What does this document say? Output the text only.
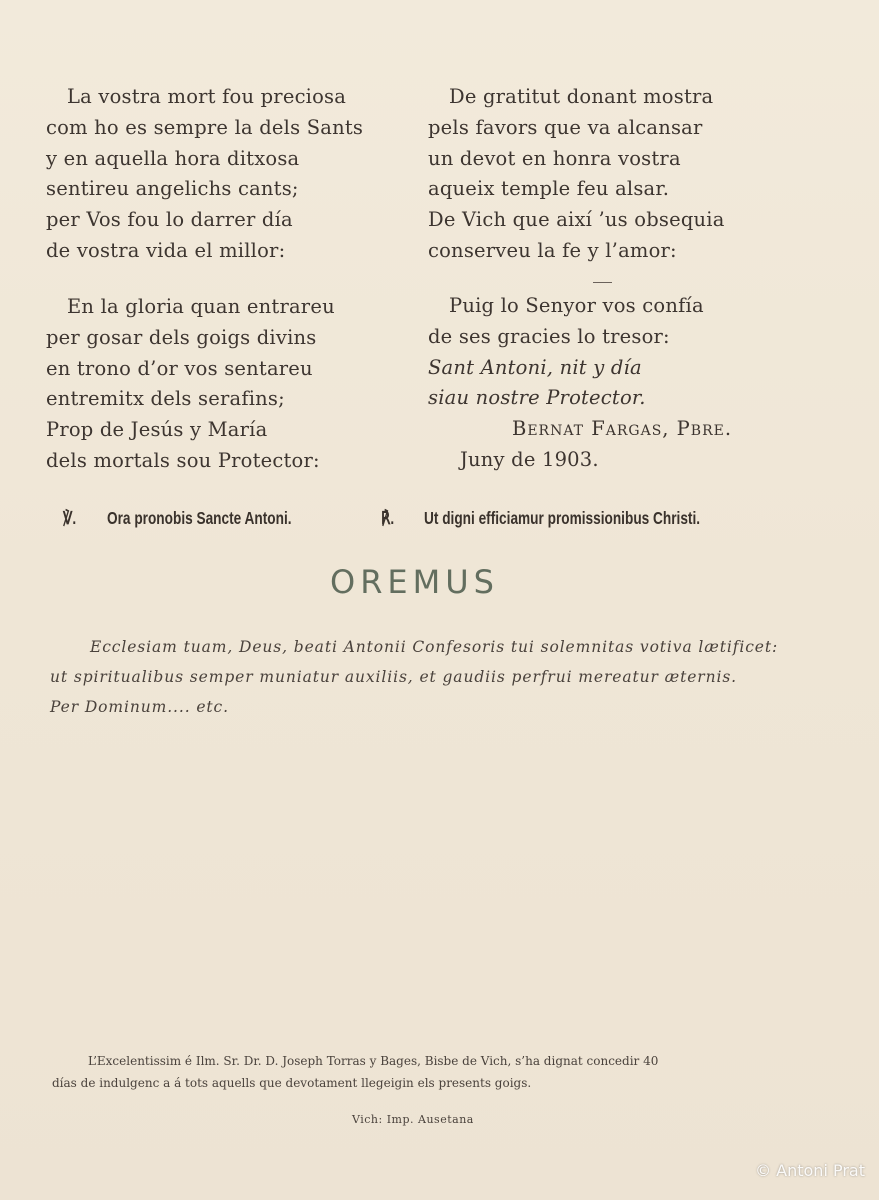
La vostra mort fou preciosa
com ho es sempre la dels Sants
y en aquella hora ditxosa
sentireu angelichs cants;
per Vos fou lo darrer día
de vostra vida el millor:
En la gloria quan entrareu
per gosar dels goigs divins
en trono d’or vos sentareu
entremitx dels serafins;
Prop de Jesús y María
dels mortals sou Protector:
De gratitut donant mostra
pels favors que va alcansar
un devot en honra vostra
aqueix temple feu alsar.
De Vich que així ’us obsequia
conserveu la fe y l’amor:
Puig lo Senyor vos confía
de ses gracies lo tresor:
Sant Antoni, nit y día
siau nostre Protector.
Bernat Fargas, Pbre.
Juny de 1903.
℣. Ora pronobis Sancte Antoni.	℟. Ut digni efficiamur promissionibus Christi.
OREMUS
Ecclesiam tuam, Deus, beati Antonii Confesoris tui solemnitas votiva lætificet:
ut spiritualibus semper muniatur auxiliis, et gaudiis perfrui mereatur æternis.
Per Dominum.... etc.
L’Excelentissim é Ilm. Sr. Dr. D. Joseph Torras y Bages, Bisbe de Vich, s’ha dignat concedir 40
días de indulgenc a á tots aquells que devotament llegeigin els presents goigs.
Vich: Imp. Ausetana
© Antoni Prat
